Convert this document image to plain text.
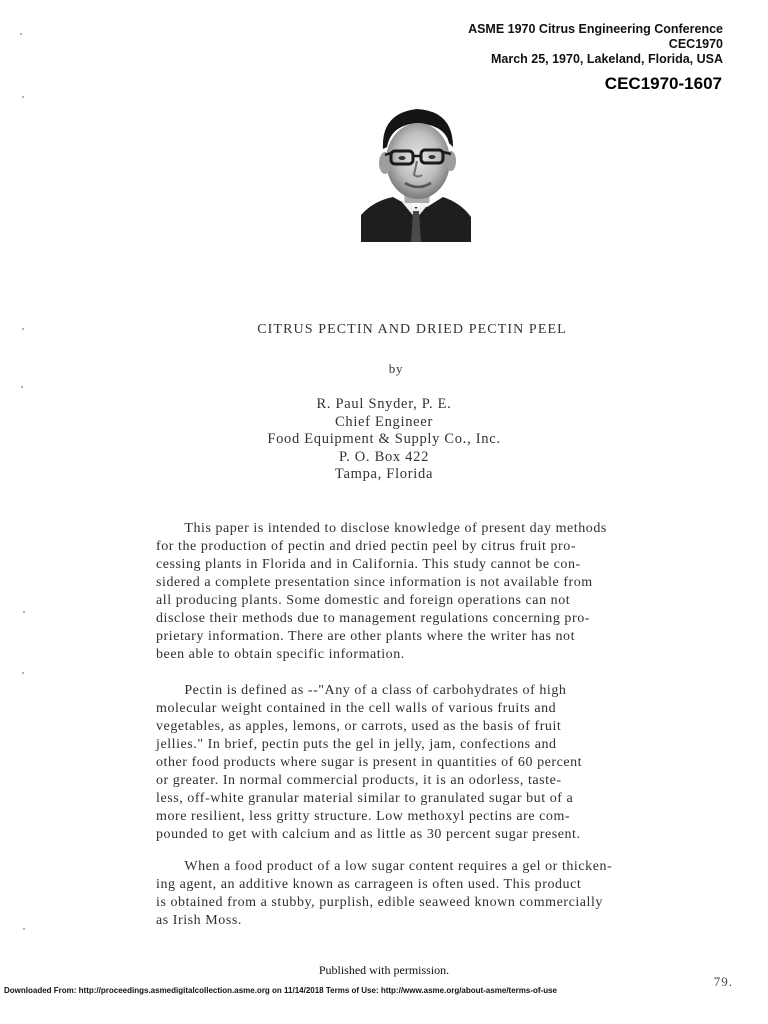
ASME 1970 Citrus Engineering Conference
CEC1970
March 25, 1970, Lakeland, Florida, USA
CEC1970-1607
CITRUS PECTIN AND DRIED PECTIN PEEL
by
R. Paul Snyder, P. E.
Chief Engineer
Food Equipment & Supply Co., Inc.
P. O. Box 422
Tampa, Florida
This paper is intended to disclose knowledge of present day methods
for the production of pectin and dried pectin peel by citrus fruit pro-
cessing plants in Florida and in California. This study cannot be con-
sidered a complete presentation since information is not available from
all producing plants. Some domestic and foreign operations can not
disclose their methods due to management regulations concerning pro-
prietary information. There are other plants where the writer has not
been able to obtain specific information.
Pectin is defined as --"Any of a class of carbohydrates of high
molecular weight contained in the cell walls of various fruits and
vegetables, as apples, lemons, or carrots, used as the basis of fruit
jellies." In brief, pectin puts the gel in jelly, jam, confections and
other food products where sugar is present in quantities of 60 percent
or greater. In normal commercial products, it is an odorless, taste-
less, off-white granular material similar to granulated sugar but of a
more resilient, less gritty structure. Low methoxyl pectins are com-
pounded to get with calcium and as little as 30 percent sugar present.
When a food product of a low sugar content requires a gel or thicken-
ing agent, an additive known as carrageen is often used. This product
is obtained from a stubby, purplish, edible seaweed known commercially
as Irish Moss.
Published with permission.
79.
Downloaded From: http://proceedings.asmedigitalcollection.asme.org on 11/14/2018 Terms of Use: http://www.asme.org/about-asme/terms-of-use
